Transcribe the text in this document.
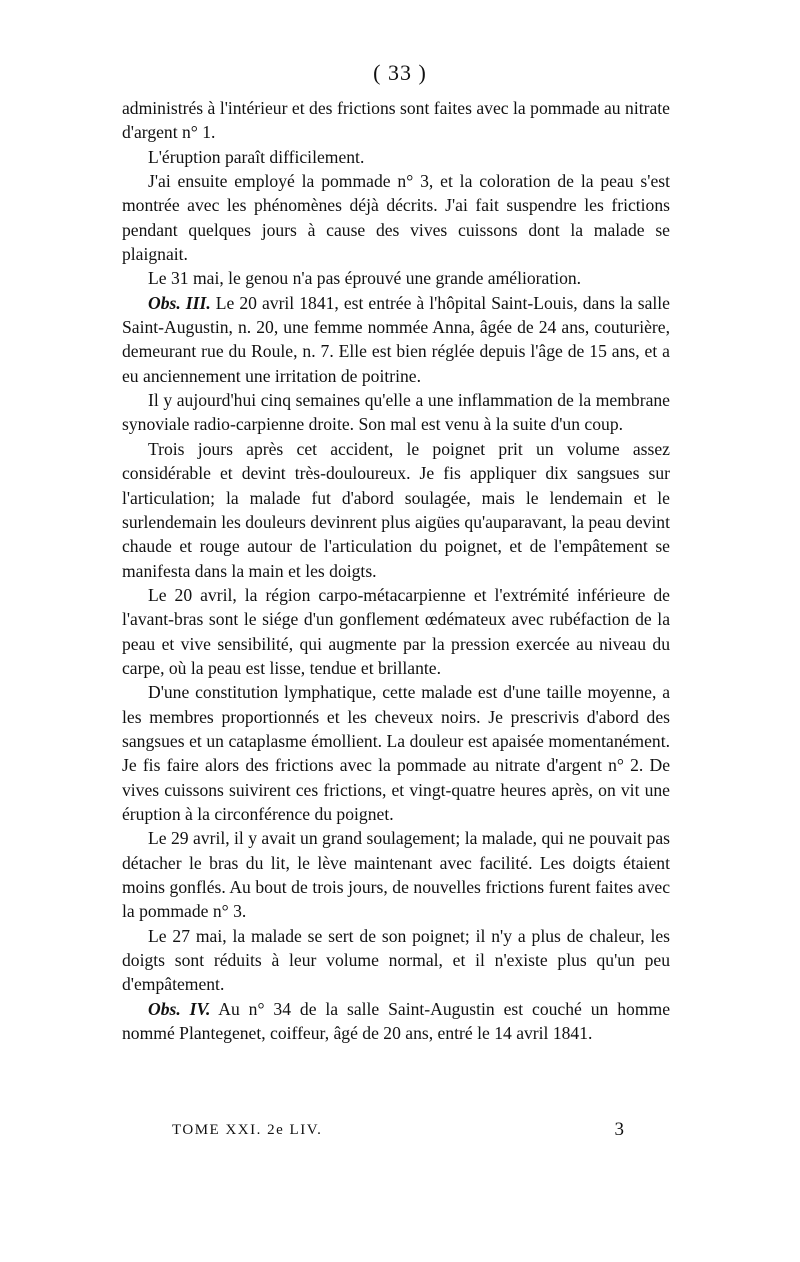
( 33 )

administrés à l'intérieur et des frictions sont faites avec la pommade au nitrate d'argent n° 1.

L'éruption paraît difficilement.

J'ai ensuite employé la pommade n° 3, et la coloration de la peau s'est montrée avec les phénomènes déjà décrits. J'ai fait suspendre les frictions pendant quelques jours à cause des vives cuissons dont la malade se plaignait.

Le 31 mai, le genou n'a pas éprouvé une grande amélioration.

Obs. III. Le 20 avril 1841, est entrée à l'hôpital Saint-Louis, dans la salle Saint-Augustin, n. 20, une femme nommée Anna, âgée de 24 ans, couturière, demeurant rue du Roule, n. 7. Elle est bien réglée depuis l'âge de 15 ans, et a eu anciennement une irritation de poitrine.

Il y aujourd'hui cinq semaines qu'elle a une inflammation de la membrane synoviale radio-carpienne droite. Son mal est venu à la suite d'un coup.

Trois jours après cet accident, le poignet prit un volume assez considérable et devint très-douloureux. Je fis appliquer dix sangsues sur l'articulation; la malade fut d'abord soulagée, mais le lendemain et le surlendemain les douleurs devinrent plus aigües qu'auparavant, la peau devint chaude et rouge autour de l'articulation du poignet, et de l'empâtement se manifesta dans la main et les doigts.

Le 20 avril, la région carpo-métacarpienne et l'extrémité inférieure de l'avant-bras sont le siége d'un gonflement œdémateux avec rubéfaction de la peau et vive sensibilité, qui augmente par la pression exercée au niveau du carpe, où la peau est lisse, tendue et brillante.

D'une constitution lymphatique, cette malade est d'une taille moyenne, a les membres proportionnés et les cheveux noirs. Je prescrivis d'abord des sangsues et un cataplasme émollient. La douleur est apaisée momentanément. Je fis faire alors des frictions avec la pommade au nitrate d'argent n° 2. De vives cuissons suivirent ces frictions, et vingt-quatre heures après, on vit une éruption à la circonférence du poignet.

Le 29 avril, il y avait un grand soulagement; la malade, qui ne pouvait pas détacher le bras du lit, le lève maintenant avec facilité. Les doigts étaient moins gonflés. Au bout de trois jours, de nouvelles frictions furent faites avec la pommade n° 3.

Le 27 mai, la malade se sert de son poignet; il n'y a plus de chaleur, les doigts sont réduits à leur volume normal, et il n'existe plus qu'un peu d'empâtement.

Obs. IV. Au n° 34 de la salle Saint-Augustin est couché un homme nommé Plantegenet, coiffeur, âgé de 20 ans, entré le 14 avril 1841.

TOME XXI. 2e LIV.	3
